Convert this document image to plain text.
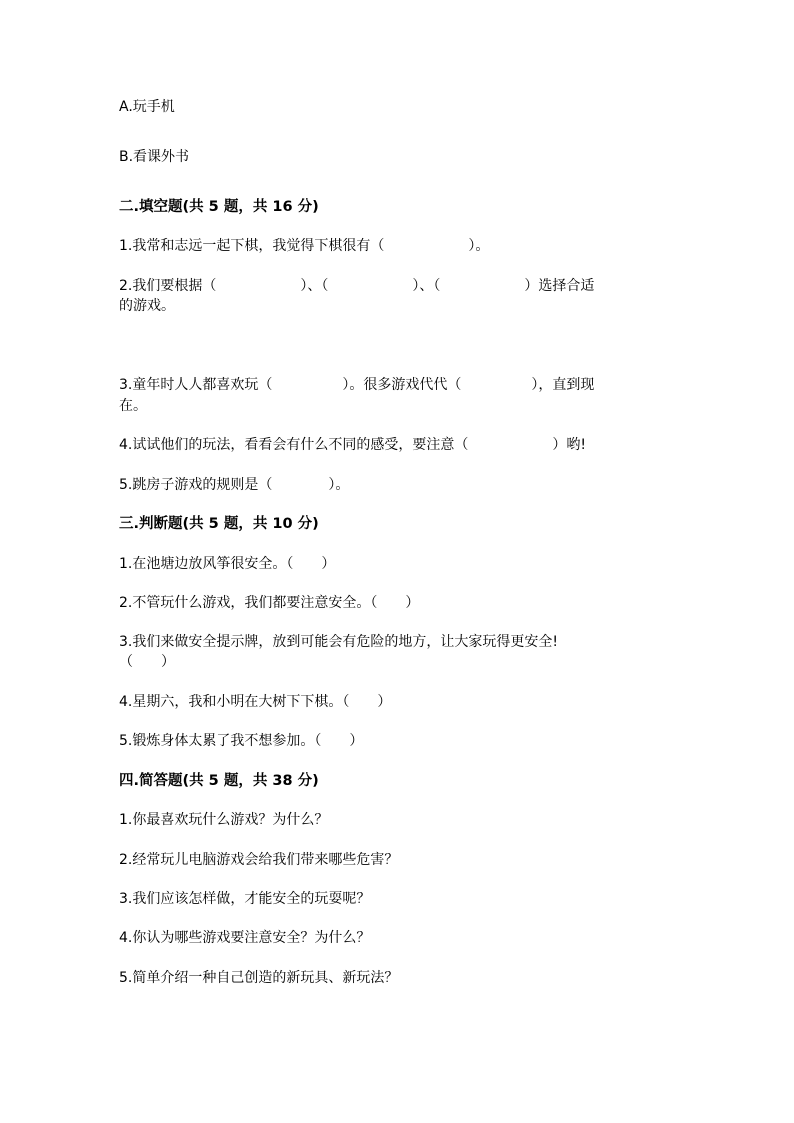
A.玩手机
B.看课外书
二.填空题(共 5 题，共 16 分)
1.我常和志远一起下棋，我觉得下棋很有（　　　　　　）。
2.我们要根据（　　　　　　）、（　　　　　　）、（　　　　　　）选择合适
的游戏。
3.童年时人人都喜欢玩（　　　　　）。很多游戏代代（　　　　　），直到现
在。
4.试试他们的玩法，看看会有什么不同的感受，要注意（　　　　　　）哟!
5.跳房子游戏的规则是（　　　　）。
三.判断题(共 5 题，共 10 分)
1.在池塘边放风筝很安全。（　　）
2.不管玩什么游戏，我们都要注意安全。（　　）
3.我们来做安全提示牌，放到可能会有危险的地方，让大家玩得更安全!
（　　）
4.星期六，我和小明在大树下下棋。（　　）
5.锻炼身体太累了我不想参加。（　　）
四.简答题(共 5 题，共 38 分)
1.你最喜欢玩什么游戏？为什么？
2.经常玩儿电脑游戏会给我们带来哪些危害？
3.我们应该怎样做，才能安全的玩耍呢？
4.你认为哪些游戏要注意安全？为什么？
5.简单介绍一种自己创造的新玩具、新玩法？
